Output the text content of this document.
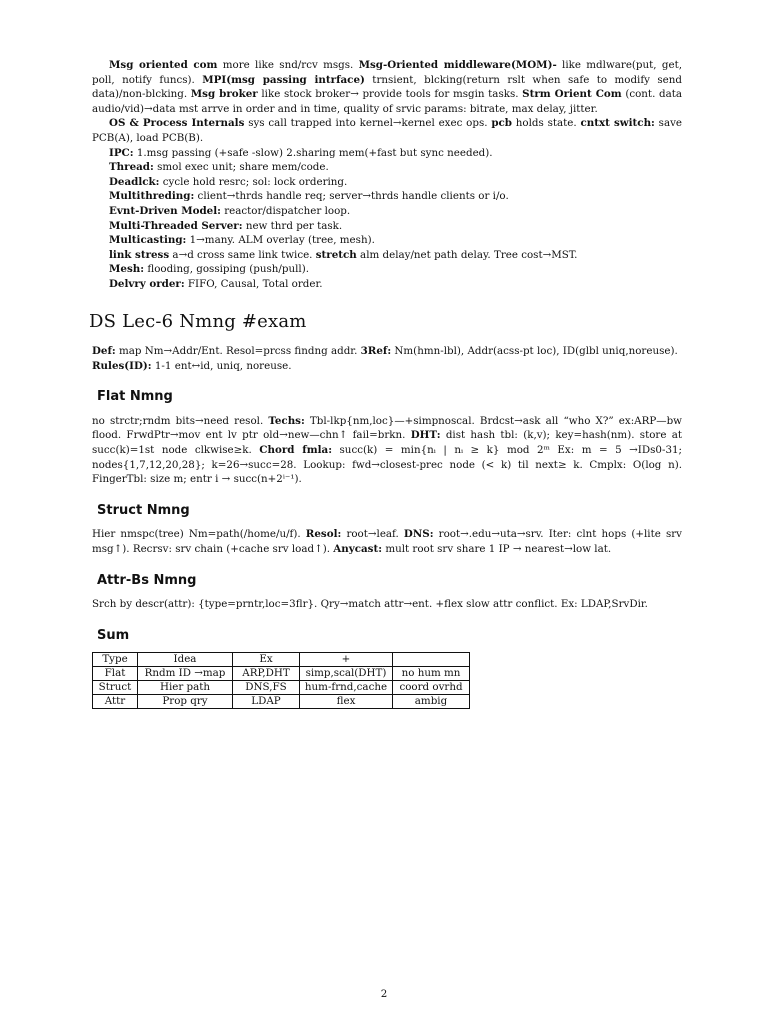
Msg oriented com more like snd/rcv msgs. Msg-Oriented middleware(MOM)- like mdlware(put, get, poll, notify funcs). MPI(msg passing intrface) trnsient, blcking(return rslt when safe to modify send data)/non-blcking. Msg broker like stock broker→ provide tools for msgin tasks. Strm Orient Com (cont. data audio/vid)→data mst arrve in order and in time, quality of srvic params: bitrate, max delay, jitter.

OS & Process Internals sys call trapped into kernel→kernel exec ops. pcb holds state. cntxt switch: save PCB(A), load PCB(B).

IPC: 1.msg passing (+safe -slow) 2.sharing mem(+fast but sync needed).

Thread: smol exec unit; share mem/code.

Deadlck: cycle hold resrc; sol: lock ordering.

Multithreding: client→thrds handle req; server→thrds handle clients or i/o.

Evnt-Driven Model: reactor/dispatcher loop.

Multi-Threaded Server: new thrd per task.

Multicasting: 1→many. ALM overlay (tree, mesh).

link stress a→d cross same link twice. stretch alm delay/net path delay. Tree cost→MST.

Mesh: flooding, gossiping (push/pull).

Delvry order: FIFO, Causal, Total order.

DS Lec-6 Nmng #exam

Def: map Nm→Addr/Ent. Resol=prcss findng addr. 3Ref: Nm(hmn-lbl), Addr(acss-pt loc), ID(glbl uniq,noreuse).
Rules(ID): 1-1 ent↔id, uniq, noreuse.

Flat Nmng

no strctr;rndm bits→need resol. Techs: Tbl-lkp{nm,loc}—+simpnoscal. Brdcst→ask all “who X?” ex:ARP—bw flood. FrwdPtr→mov ent lv ptr old→new—chn↑ fail=brkn. DHT: dist hash tbl: (k,v); key=hash(nm). store at succ(k)=1st node clkwise≥k. Chord fmla: succ(k) = min{nᵢ | nᵢ ≥ k} mod 2ᵐ Ex: m = 5 →IDs0-31; nodes{1,7,12,20,28}; k=26→succ=28. Lookup: fwd→closest-prec node (< k) til next≥ k. Cmplx: O(log n). FingerTbl: size m; entr i → succ(n+2ⁱ⁻¹).

Struct Nmng

Hier nmspc(tree) Nm=path(/home/u/f). Resol: root→leaf. DNS: root→.edu→uta→srv. Iter: clnt hops (+lite srv msg↑). Recrsv: srv chain (+cache srv load↑). Anycast: mult root srv share 1 IP → nearest→low lat.

Attr-Bs Nmng

Srch by descr(attr): {type=prntr,loc=3flr}. Qry→match attr→ent. +flex slow attr conflict. Ex: LDAP,SrvDir.

Sum
Type	Idea	Ex	+	
Flat	Rndm ID →map	ARP,DHT	simp,scal(DHT)	no hum mn
Struct	Hier path	DNS,FS	hum-frnd,cache	coord ovrhd
Attr	Prop qry	LDAP	flex	ambig
2
